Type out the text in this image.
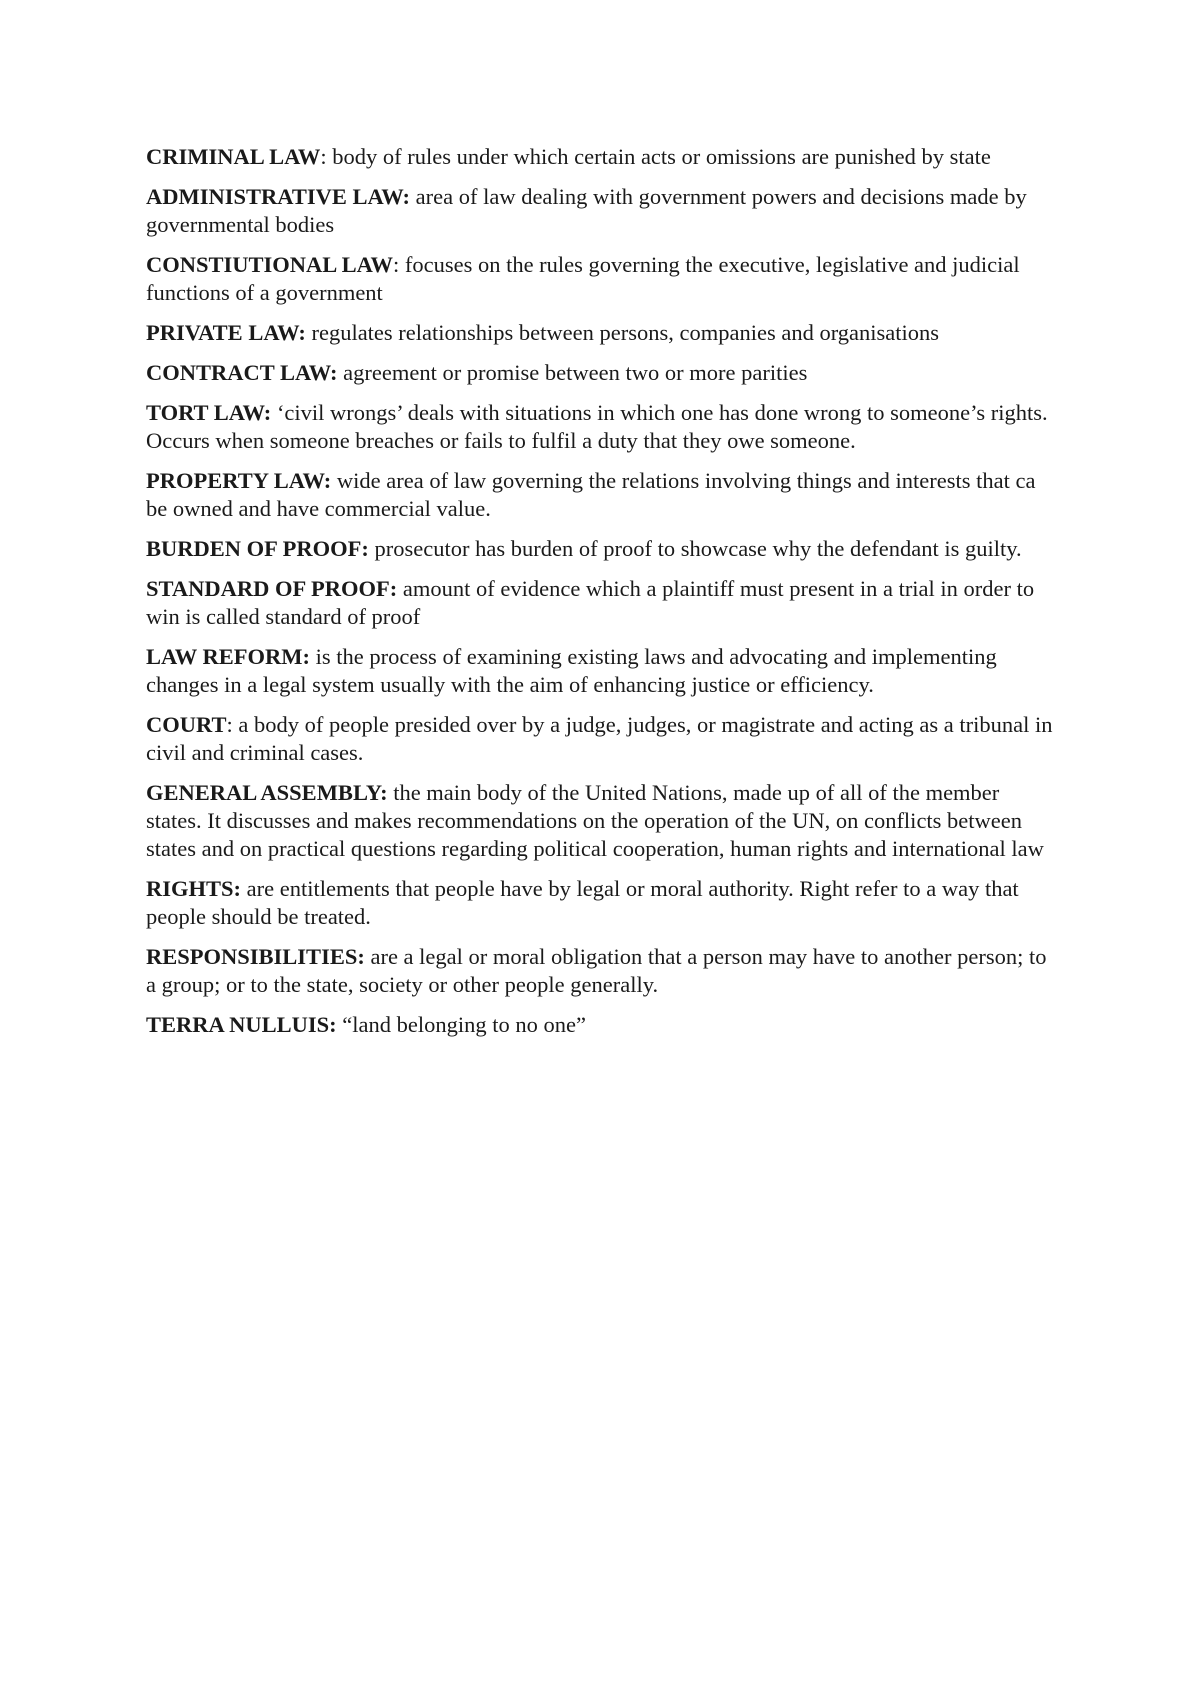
CRIMINAL LAW: body of rules under which certain acts or omissions are punished by state

ADMINISTRATIVE LAW: area of law dealing with government powers and decisions made by governmental bodies

CONSTIUTIONAL LAW: focuses on the rules governing the executive, legislative and judicial functions of a government

PRIVATE LAW: regulates relationships between persons, companies and organisations

CONTRACT LAW: agreement or promise between two or more parities

TORT LAW: ‘civil wrongs’ deals with situations in which one has done wrong to someone’s rights. Occurs when someone breaches or fails to fulfil a duty that they owe someone.

PROPERTY LAW: wide area of law governing the relations involving things and interests that ca be owned and have commercial value.

BURDEN OF PROOF: prosecutor has burden of proof to showcase why the defendant is guilty.

STANDARD OF PROOF: amount of evidence which a plaintiff must present in a trial in order to win is called standard of proof

LAW REFORM: is the process of examining existing laws and advocating and implementing changes in a legal system usually with the aim of enhancing justice or efficiency.

COURT: a body of people presided over by a judge, judges, or magistrate and acting as a tribunal in civil and criminal cases.

GENERAL ASSEMBLY: the main body of the United Nations, made up of all of the member states. It discusses and makes recommendations on the operation of the UN, on conflicts between states and on practical questions regarding political cooperation, human rights and international law

RIGHTS: are entitlements that people have by legal or moral authority. Right refer to a way that people should be treated.

RESPONSIBILITIES: are a legal or moral obligation that a person may have to another person; to a group; or to the state, society or other people generally.

TERRA NULLUIS: “land belonging to no one”
